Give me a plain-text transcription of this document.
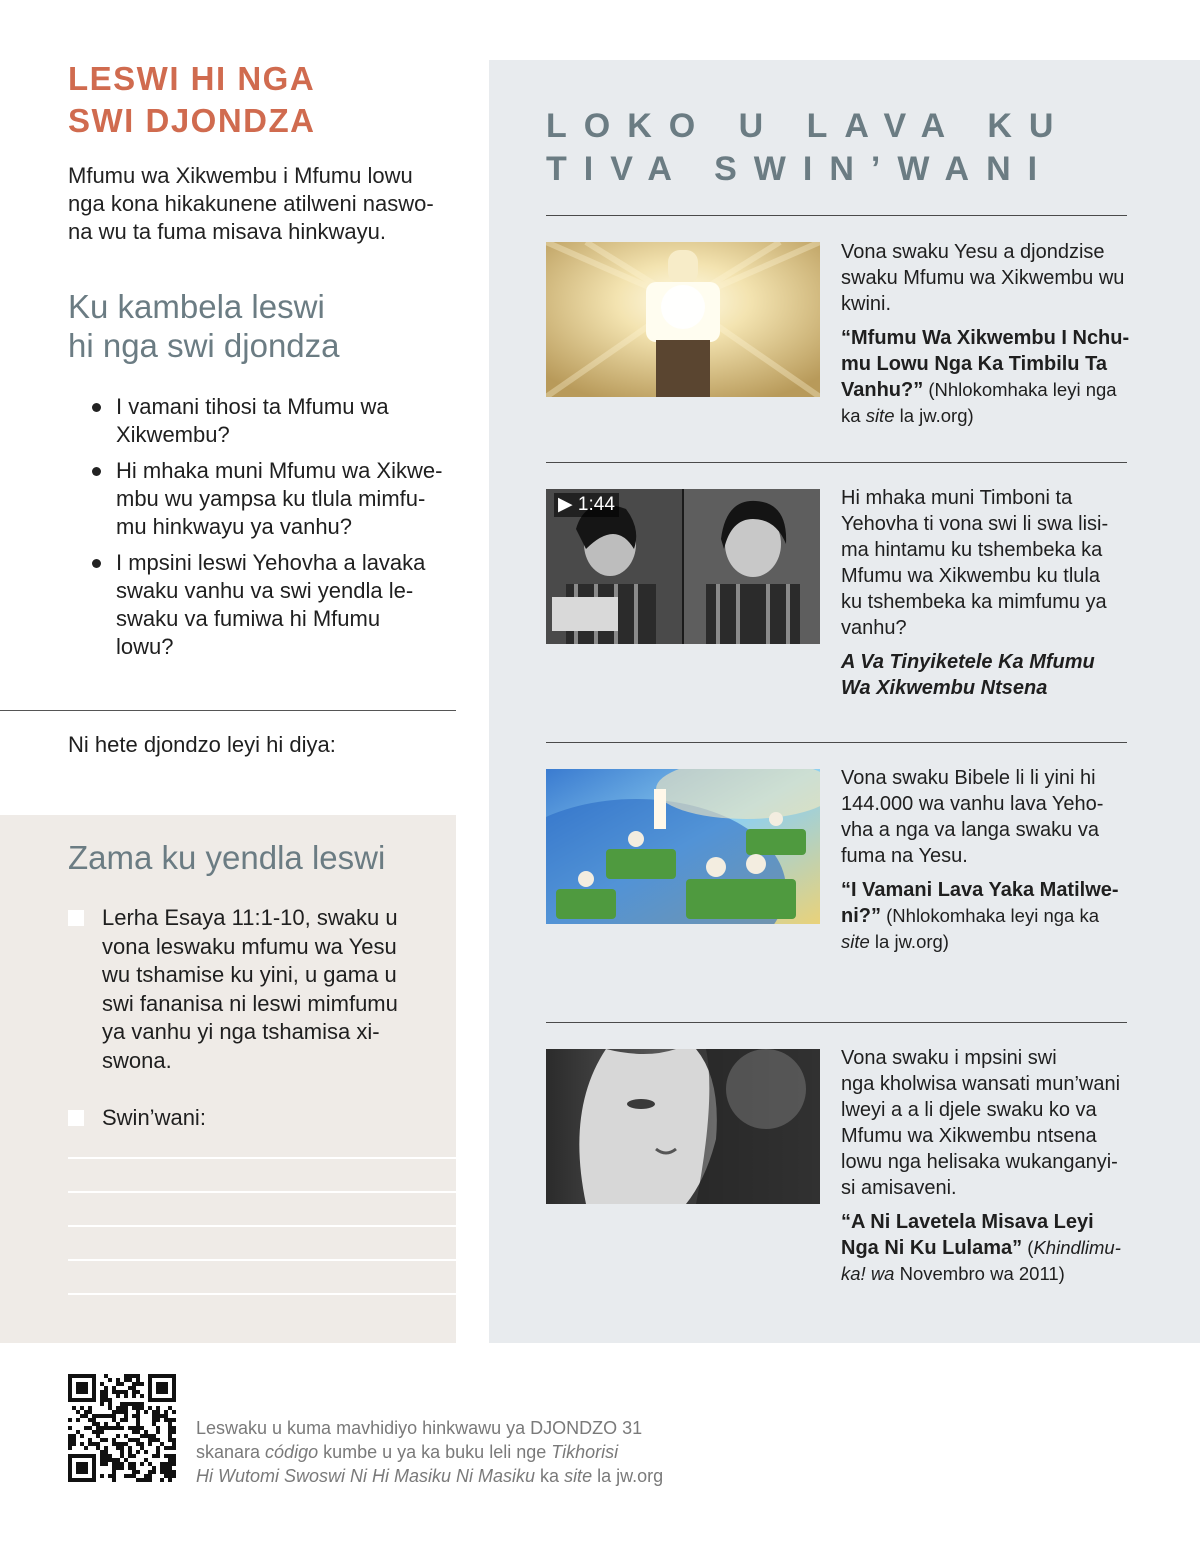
LESWI HI NGA
SWI DJONDZA
Mfumu wa Xikwembu i Mfumu lowu
nga kona hikakunene atilweni naswo-
na wu ta fuma misava hinkwayu.
Ku kambela leswi
hi nga swi djondza
I vamani tihosi ta Mfumu wa
Xikwembu?
Hi mhaka muni Mfumu wa Xikwe-
mbu wu yampsa ku tlula mimfu-
mu hinkwayu ya vanhu?
I mpsini leswi Yehovha a lavaka
swaku vanhu va swi yendla le-
swaku va fumiwa hi Mfumu
lowu?
Ni hete djondzo leyi hi diya:
Zama ku yendla leswi
Lerha Esaya 11:1-10, swaku u
vona leswaku mfumu wa Yesu
wu tshamise ku yini, u gama u
swi fananisa ni leswi mimfumu
ya vanhu yi nga tshamisa xi-
swona.
Swin’wani:
LOKO U LAVA KU
TIVA SWIN’WANI
Vona swaku Yesu a djondzise
swaku Mfumu wa Xikwembu wu
kwini.
“Mfumu Wa Xikwembu I Nchu-
mu Lowu Nga Ka Timbilu Ta
Vanhu?” (Nhlokomhaka leyi nga
ka site la jw.org)
▶ 1:44	Hi mhaka muni Timboni ta
Yehovha ti vona swi li swa lisi-
ma hintamu ku tshembeka ka
Mfumu wa Xikwembu ku tlula
ku tshembeka ka mimfumu ya
vanhu?
A Va Tinyiketele Ka Mfumu
Wa Xikwembu Ntsena
Vona swaku Bibele li li yini hi
144.000 wa vanhu lava Yeho-
vha a nga va langa swaku va
fuma na Yesu.
“I Vamani Lava Yaka Matilwe-
ni?” (Nhlokomhaka leyi nga ka
site la jw.org)
Vona swaku i mpsini swi
nga kholwisa wansati mun’wani
lweyi a a li djele swaku ko va
Mfumu wa Xikwembu ntsena
lowu nga helisaka wukanganyi-
si amisaveni.
“A Ni Lavetela Misava Leyi
Nga Ni Ku Lulama” (Khindlimu-
ka! wa Novembro wa 2011)
Leswaku u kuma mavhidiyo hinkwawu ya DJONDZO 31
skanara código kumbe u ya ka buku leli nge Tikhorisi
Hi Wutomi Swoswi Ni Hi Masiku Ni Masiku ka site la jw.org
